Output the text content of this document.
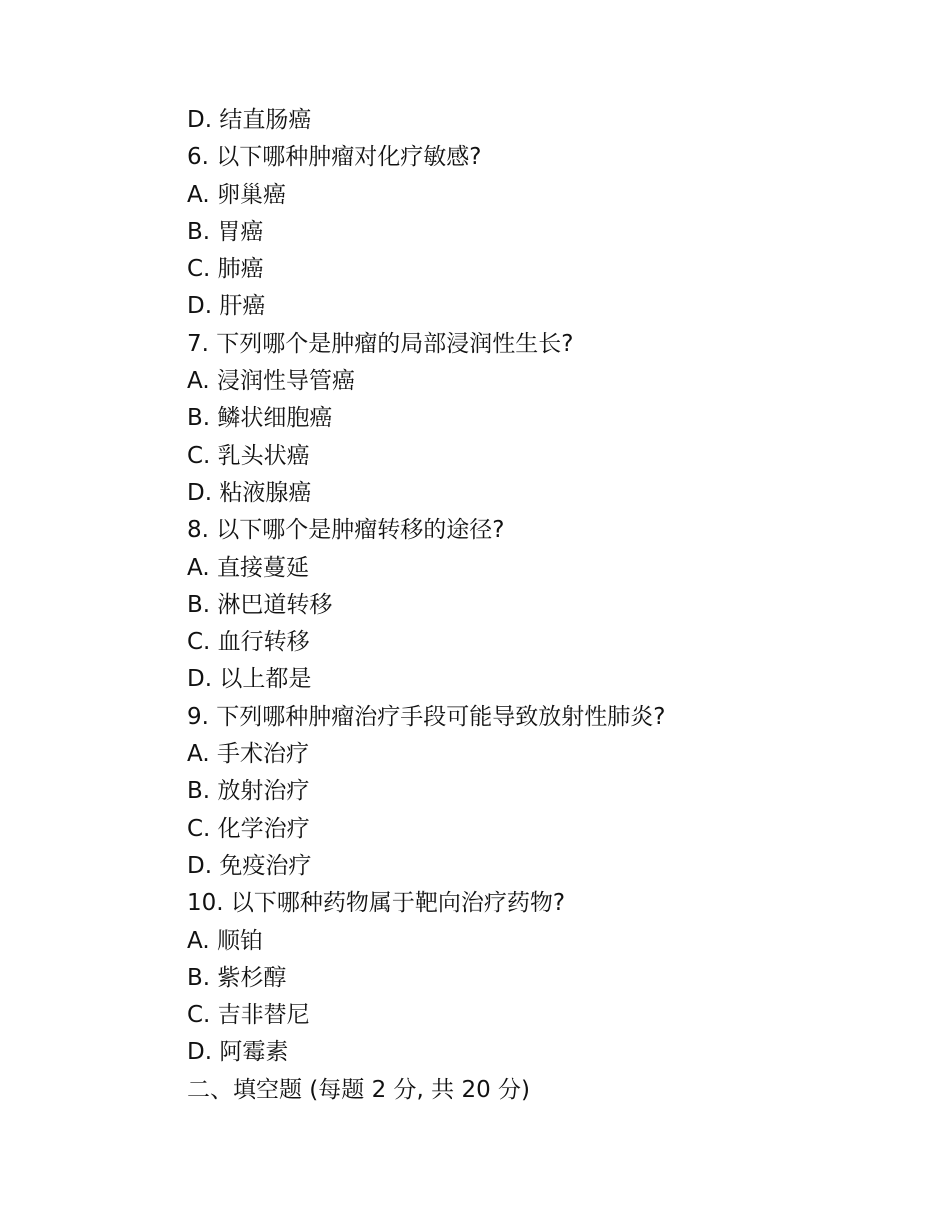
D. 结直肠癌
6. 以下哪种肿瘤对化疗敏感?
A. 卵巢癌
B. 胃癌
C. 肺癌
D. 肝癌
7. 下列哪个是肿瘤的局部浸润性生长?
A. 浸润性导管癌
B. 鳞状细胞癌
C. 乳头状癌
D. 粘液腺癌
8. 以下哪个是肿瘤转移的途径?
A. 直接蔓延
B. 淋巴道转移
C. 血行转移
D. 以上都是
9. 下列哪种肿瘤治疗手段可能导致放射性肺炎?
A. 手术治疗
B. 放射治疗
C. 化学治疗
D. 免疫治疗
10. 以下哪种药物属于靶向治疗药物?
A. 顺铂
B. 紫杉醇
C. 吉非替尼
D. 阿霉素
二、填空题 (每题 2 分, 共 20 分)
